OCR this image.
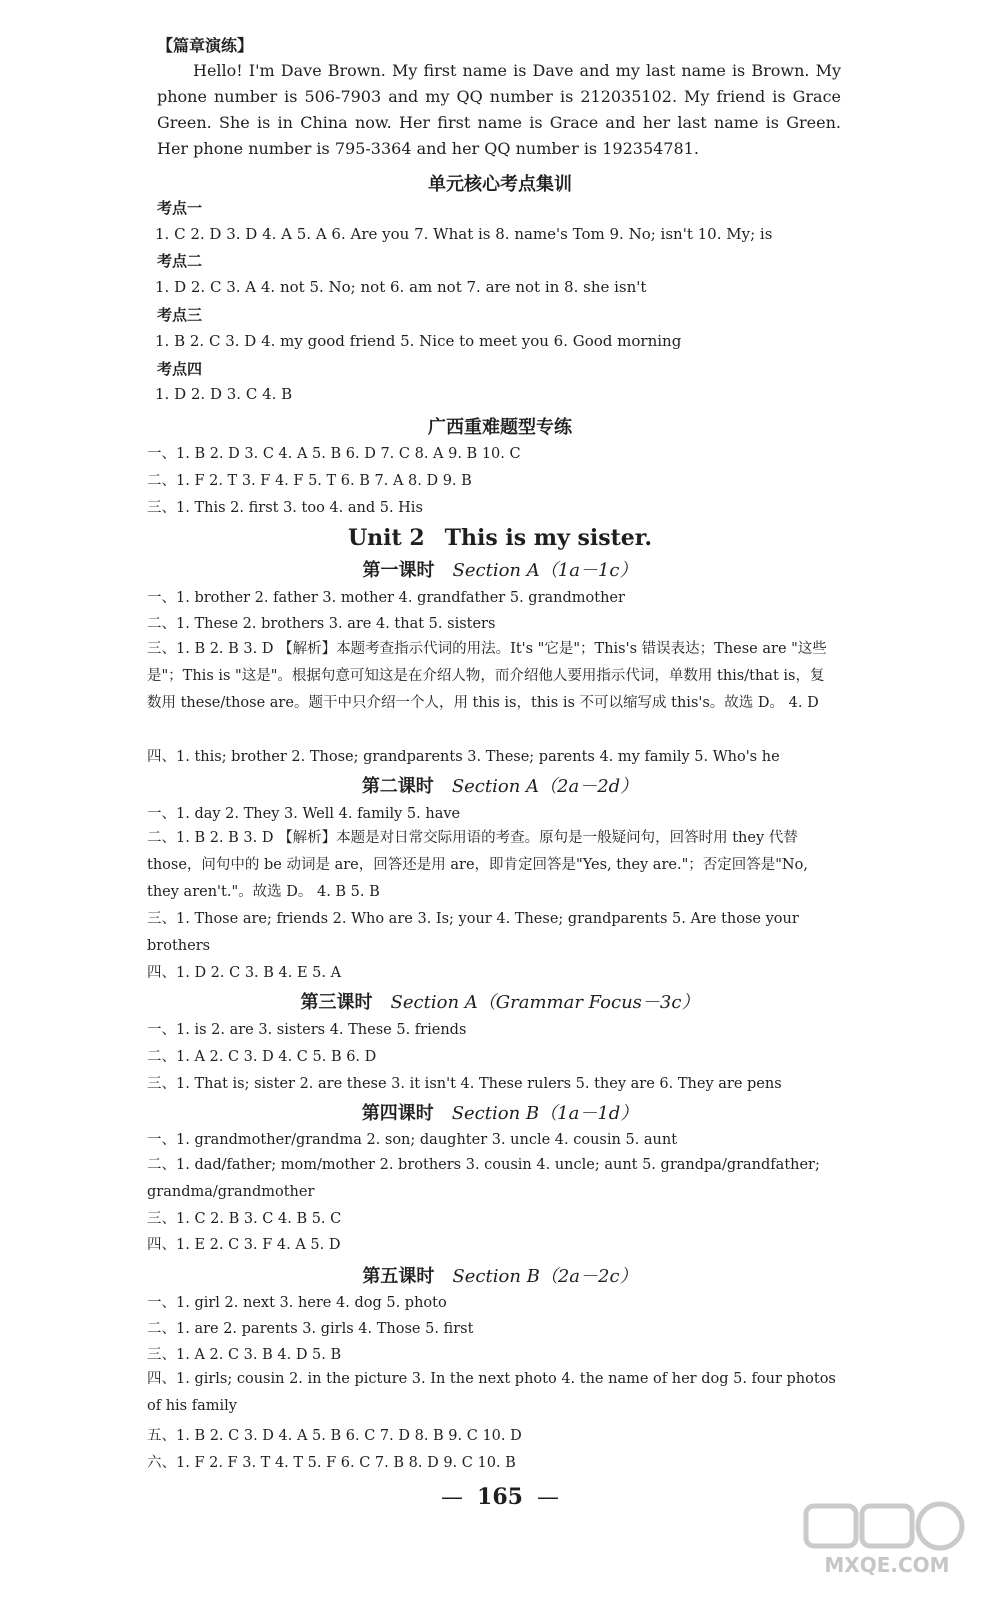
【篇章演练】
Hello! I'm Dave Brown. My first name is Dave and my last name is Brown. My phone number is 506-7903 and my QQ number is 212035102. My friend is Grace Green. She is in China now. Her first name is Grace and her last name is Green. Her phone number is 795-3364 and her QQ number is 192354781.
单元核心考点集训
考点一
1. C 2. D 3. D 4. A 5. A 6. Are you 7. What is 8. name's Tom 9. No; isn't 10. My; is
考点二
1. D 2. C 3. A 4. not 5. No; not 6. am not 7. are not in 8. she isn't
考点三
1. B 2. C 3. D 4. my good friend 5. Nice to meet you 6. Good morning
考点四
1. D 2. D 3. C 4. B
广西重难题型专练
一、1. B 2. D 3. C 4. A 5. B 6. D 7. C 8. A 9. B 10. C
二、1. F 2. T 3. F 4. F 5. T 6. B 7. A 8. D 9. B
三、1. This 2. first 3. too 4. and 5. His
Unit 2 This is my sister.
第一课时 Section A（1a－1c）
一、1. brother 2. father 3. mother 4. grandfather 5. grandmother
二、1. These 2. brothers 3. are 4. that 5. sisters
三、1. B 2. B 3. D 【解析】本题考查指示代词的用法。It's "它是"；This's 错误表达；These are "这些是"；This is "这是"。根据句意可知这是在介绍人物，而介绍他人要用指示代词，单数用 this/that is，复数用 these/those are。题干中只介绍一个人，用 this is，this is 不可以缩写成 this's。故选 D。 4. D
四、1. this; brother 2. Those; grandparents 3. These; parents 4. my family 5. Who's he
第二课时 Section A（2a－2d）
一、1. day 2. They 3. Well 4. family 5. have
二、1. B 2. B 3. D 【解析】本题是对日常交际用语的考查。原句是一般疑问句，回答时用 they 代替 those，问句中的 be 动词是 are，回答还是用 are，即肯定回答是"Yes, they are."；否定回答是"No, they aren't."。故选 D。 4. B 5. B
三、1. Those are; friends 2. Who are 3. Is; your 4. These; grandparents 5. Are those your brothers
四、1. D 2. C 3. B 4. E 5. A
第三课时 Section A（Grammar Focus－3c）
一、1. is 2. are 3. sisters 4. These 5. friends
二、1. A 2. C 3. D 4. C 5. B 6. D
三、1. That is; sister 2. are these 3. it isn't 4. These rulers 5. they are 6. They are pens
第四课时 Section B（1a－1d）
一、1. grandmother/grandma 2. son; daughter 3. uncle 4. cousin 5. aunt
二、1. dad/father; mom/mother 2. brothers 3. cousin 4. uncle; aunt 5. grandpa/grandfather; grandma/grandmother
三、1. C 2. B 3. C 4. B 5. C
四、1. E 2. C 3. F 4. A 5. D
第五课时 Section B（2a－2c）
一、1. girl 2. next 3. here 4. dog 5. photo
二、1. are 2. parents 3. girls 4. Those 5. first
三、1. A 2. C 3. B 4. D 5. B
四、1. girls; cousin 2. in the picture 3. In the next photo 4. the name of her dog 5. four photos of his family
五、1. B 2. C 3. D 4. A 5. B 6. C 7. D 8. B 9. C 10. D
六、1. F 2. F 3. T 4. T 5. F 6. C 7. B 8. D 9. C 10. B
— 165 —
MXQE.COM
